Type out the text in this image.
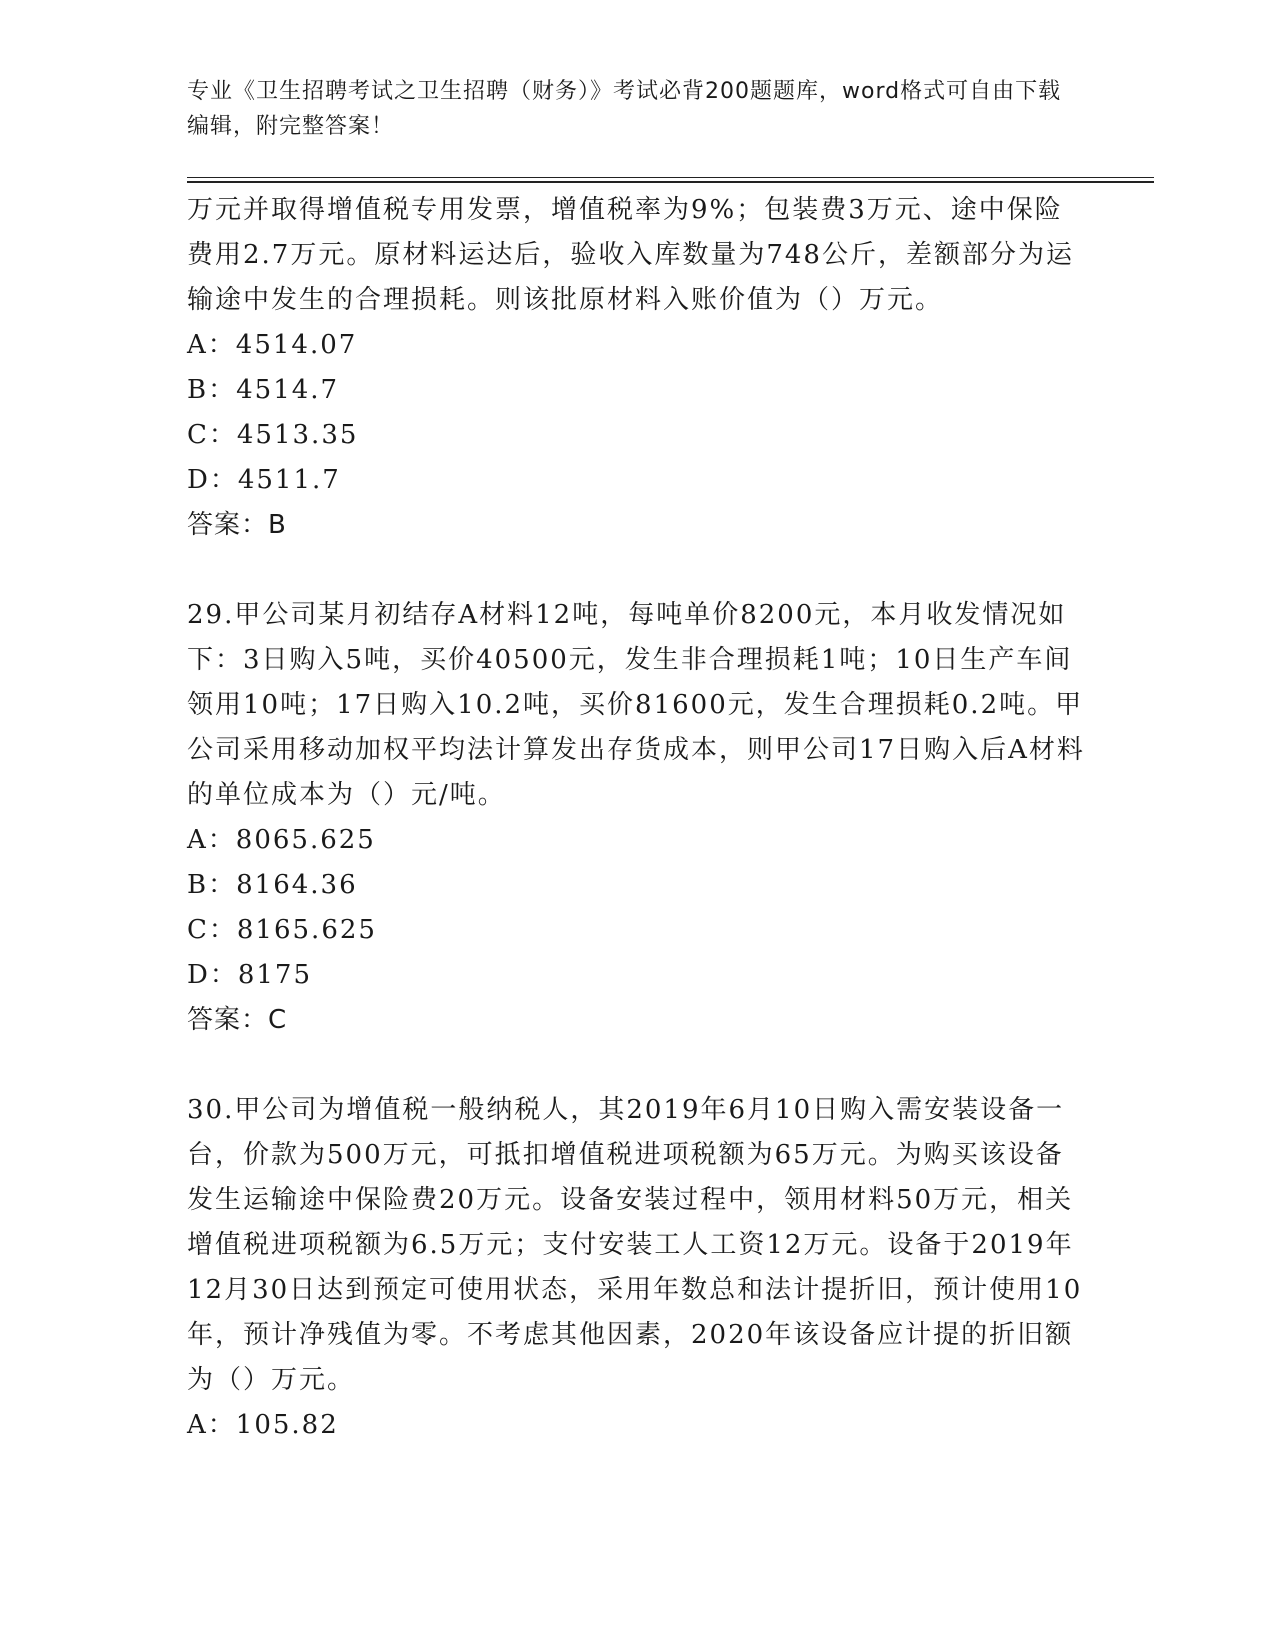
专业《卫生招聘考试之卫生招聘（财务）》考试必背200题题库，word格式可自由下载编辑，附完整答案！

万元并取得增值税专用发票，增值税率为9%；包装费3万元、途中保险费用2.7万元。原材料运达后，验收入库数量为748公斤，差额部分为运输途中发生的合理损耗。则该批原材料入账价值为（）万元。

A：4514.07

B：4514.7

C：4513.35

D：4511.7

答案：B

29.甲公司某月初结存A材料12吨，每吨单价8200元，本月收发情况如下：3日购入5吨，买价40500元，发生非合理损耗1吨；10日生产车间领用10吨；17日购入10.2吨，买价81600元，发生合理损耗0.2吨。甲公司采用移动加权平均法计算发出存货成本，则甲公司17日购入后A材料的单位成本为（）元/吨。

A：8065.625

B：8164.36

C：8165.625

D：8175

答案：C

30.甲公司为增值税一般纳税人，其2019年6月10日购入需安装设备一台，价款为500万元，可抵扣增值税进项税额为65万元。为购买该设备发生运输途中保险费20万元。设备安装过程中，领用材料50万元，相关增值税进项税额为6.5万元；支付安装工人工资12万元。设备于2019年12月30日达到预定可使用状态，采用年数总和法计提折旧，预计使用10年，预计净残值为零。不考虑其他因素，2020年该设备应计提的折旧额为（）万元。

A：105.82
